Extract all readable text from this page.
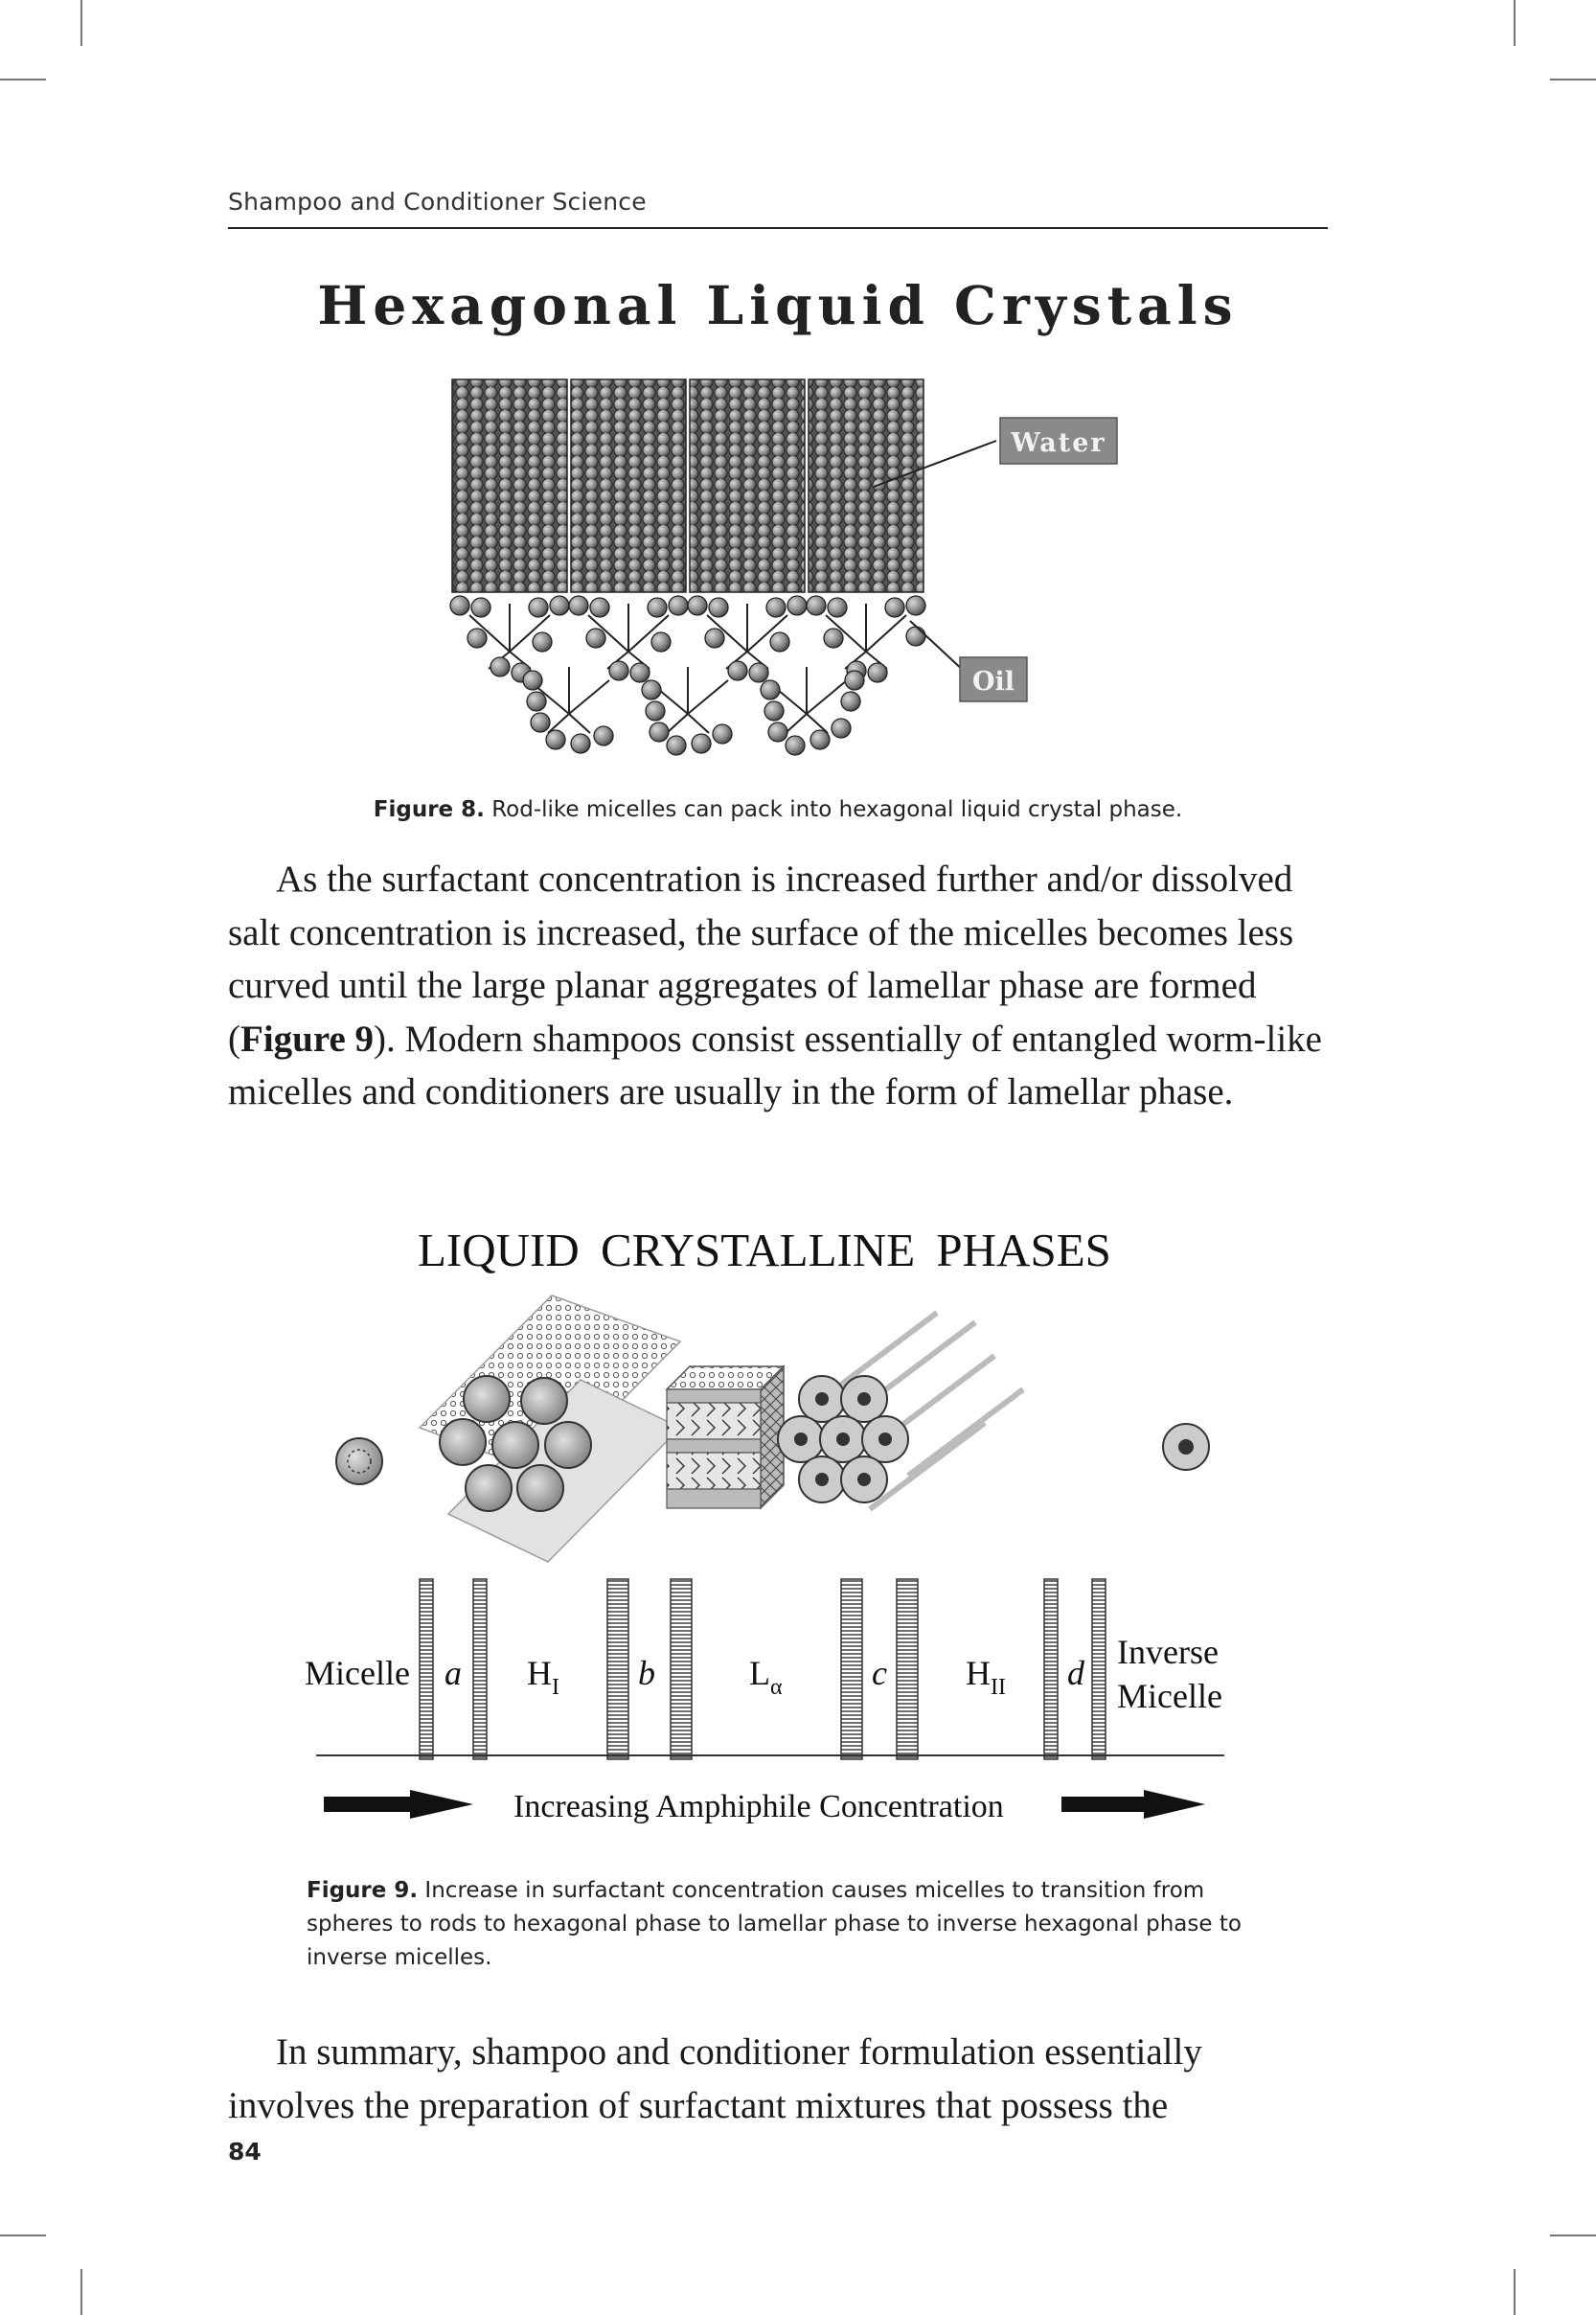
Shampoo and Conditioner Science
Hexagonal Liquid Crystals
Water
Oil
Figure 8. Rod-like micelles can pack into hexagonal liquid crystal phase.

As the surfactant concentration is increased further and/or dissolved salt concentration is increased, the surface of the micelles becomes less curved until the large planar aggregates of lamellar phase are formed (Figure 9). Modern shampoos consist essentially of entangled worm-like micelles and conditioners are usually in the form of lamellar phase.

LIQUID CRYSTALLINE PHASES
Micelle a $H_I$ b	$L_\alpha$	c $H_{II}$ d
Inverse
Micelle
Increasing Amphiphile Concentration
Figure 9. Increase in surfactant concentration causes micelles to transition from spheres to rods to hexagonal phase to lamellar phase to inverse hexagonal phase to inverse micelles.

In summary, shampoo and conditioner formulation essentially involves the preparation of surfactant mixtures that possess the

84
